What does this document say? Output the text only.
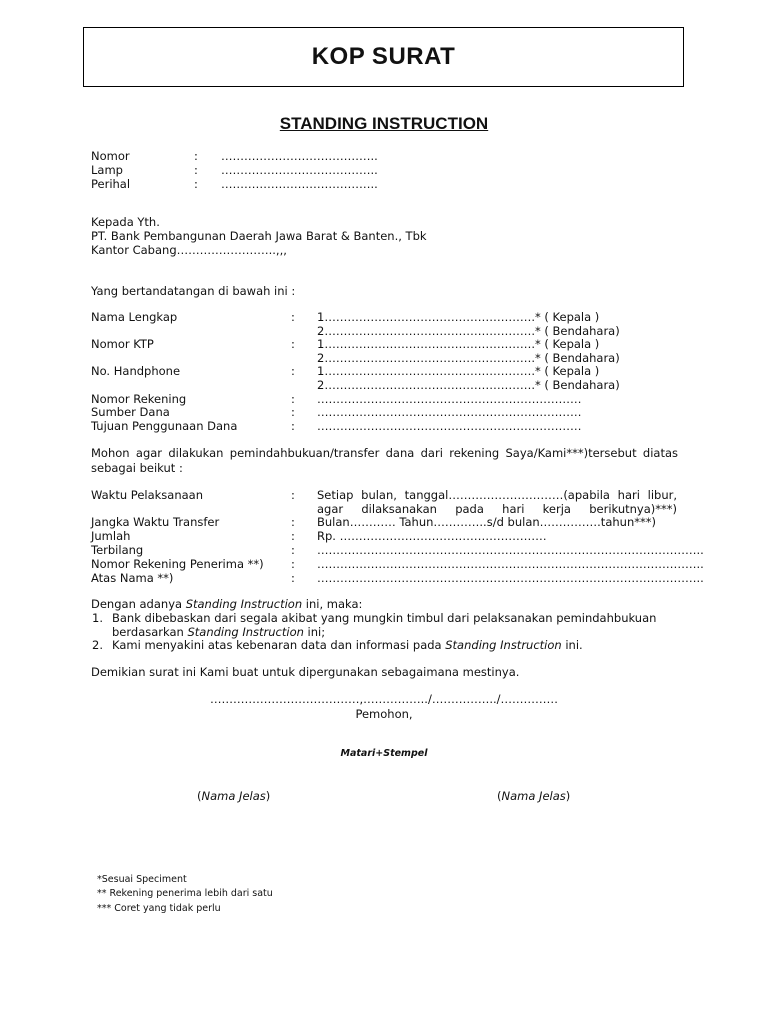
KOP SURAT
STANDING INSTRUCTION
Nomor	: …………………………………..
Lamp	: …………………………………..
Perihal	: …………………………………..
Kepada Yth.
PT. Bank Pembangunan Daerah Jawa Barat & Banten., Tbk
Kantor Cabang……………………..,,,
Yang bertandatangan di bawah ini :
Nama Lengkap	: 1……………………………………………….* ( Kepala )
2……………………………………………….* ( Bendahara)
Nomor KTP	: 1……………………………………………….* ( Kepala )
2……………………………………………….* ( Bendahara)
No. Handphone	: 1……………………………………………….* ( Kepala )
2……………………………………………….* ( Bendahara)
Nomor Rekening	: ……………………………………………………………
Sumber Dana	: ……………………………………………………………
Tujuan Penggunaan Dana	: ……………………………………………………………
Mohon agar dilakukan pemindahbukuan/transfer dana dari rekening Saya/Kami***)tersebut diatas sebagai beikut :
Waktu Pelaksanaan	: Setiap bulan, tanggal…………………………(apabila hari libur, agar dilaksanakan pada hari kerja berikutnya)***)
Jangka Waktu Transfer	: Bulan………… Tahun…………..s/d bulan…………….tahun***)
Jumlah	: Rp. ………………………………………………
Terbilang	: ………………………………………………………………………………………..
Nomor Rekening Penerima **) : ………………………………………………………………………………………..
Atas Nama **)	: ………………………………………………………………………………………..
Dengan adanya Standing Instruction ini, maka:
1. Bank dibebaskan dari segala akibat yang mungkin timbul dari pelaksanakan pemindahbukuan berdasarkan Standing Instruction ini;
2. Kami menyakini atas kebenaran data dan informasi pada Standing Instruction ini.
Demikian surat ini Kami buat untuk dipergunakan sebagaimana mestinya.
…………………………………,……………../……………../……………
Pemohon,
Matari+Stempel
(Nama Jelas)	(Nama Jelas)
*Sesuai Speciment
** Rekening penerima lebih dari satu
*** Coret yang tidak perlu
